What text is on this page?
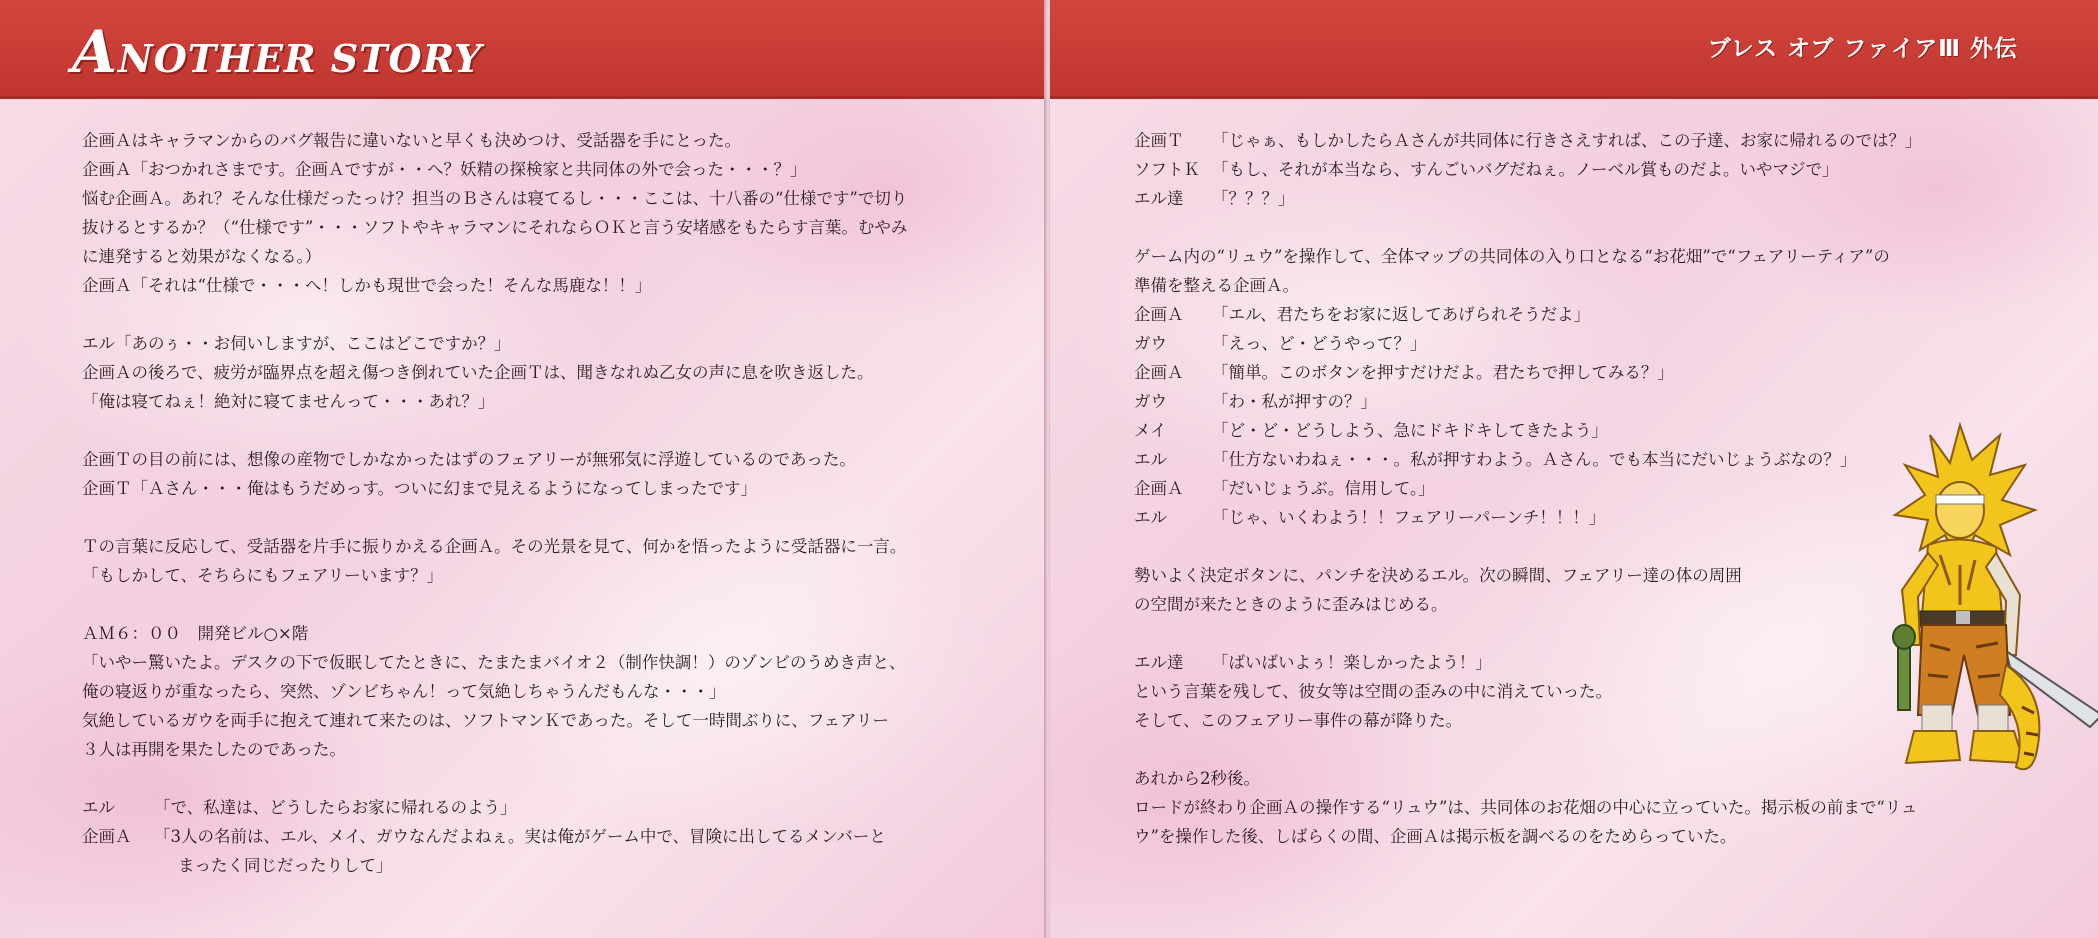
ANOTHER STORY
企画Ａはキャラマンからのバグ報告に違いないと早くも決めつけ、受話器を手にとった。
企画Ａ「おつかれさまです。企画Ａですが・・へ？妖精の探検家と共同体の外で会った・・・？」
悩む企画Ａ。あれ？そんな仕様だったっけ？担当のＢさんは寝てるし・・・ここは、十八番の“仕様です”で切り
抜けるとするか？（“仕様です”・・・ソフトやキャラマンにそれならＯＫと言う安堵感をもたらす言葉。むやみ
に連発すると効果がなくなる。）
企画Ａ「それは“仕様で・・・へ！しかも現世で会った！そんな馬鹿な！！」
エル「あのぅ・・お伺いしますが、ここはどこですか？」
企画Ａの後ろで、疲労が臨界点を超え傷つき倒れていた企画Ｔは、聞きなれぬ乙女の声に息を吹き返した。
「俺は寝てねぇ！絶対に寝てませんって・・・あれ？」
企画Ｔの目の前には、想像の産物でしかなかったはずのフェアリーが無邪気に浮遊しているのであった。
企画Ｔ「Ａさん・・・俺はもうだめっす。ついに幻まで見えるようになってしまったです」
Ｔの言葉に反応して、受話器を片手に振りかえる企画Ａ。その光景を見て、何かを悟ったように受話器に一言。
「もしかして、そちらにもフェアリーいます？」
ＡＭ６：００　開発ビル○×階
「いやー驚いたよ。デスクの下で仮眠してたときに、たまたまバイオ２（制作快調！）のゾンビのうめき声と、
俺の寝返りが重なったら、突然、ゾンビちゃん！って気絶しちゃうんだもんな・・・」
気絶しているガウを両手に抱えて連れて来たのは、ソフトマンＫであった。そして一時間ぶりに、フェアリー
３人は再開を果たしたのであった。
エル	「で、私達は、どうしたらお家に帰れるのよう」
企画Ａ	「3人の名前は、エル、メイ、ガウなんだよねぇ。実は俺がゲーム中で、冒険に出してるメンバーと
まったく同じだったりして」
ブレス オブ ファイアⅢ 外伝
企画Ｔ	「じゃぁ、もしかしたらＡさんが共同体に行きさえすれば、この子達、お家に帰れるのでは？」
ソフトＫ 「もし、それが本当なら、すんごいバグだねぇ。ノーベル賞ものだよ。いやマジで」
エル達	「？？？」
ゲーム内の“リュウ”を操作して、全体マップの共同体の入り口となる“お花畑”で“フェアリーティア”の
準備を整える企画Ａ。
企画Ａ	「エル、君たちをお家に返してあげられそうだよ」
ガウ	「えっ、ど・どうやって？」
企画Ａ	「簡単。このボタンを押すだけだよ。君たちで押してみる？」
ガウ	「わ・私が押すの？」
メイ	「ど・ど・どうしよう、急にドキドキしてきたよう」
エル	「仕方ないわねぇ・・・。私が押すわよう。Ａさん。でも本当にだいじょうぶなの？」
企画Ａ	「だいじょうぶ。信用して。」
エル	「じゃ、いくわよう！！フェアリーパーンチ！！！」
勢いよく決定ボタンに、パンチを決めるエル。次の瞬間、フェアリー達の体の周囲
の空間が来たときのように歪みはじめる。
エル達	「ばいばいよぅ！楽しかったよう！」
という言葉を残して、彼女等は空間の歪みの中に消えていった。
そして、このフェアリー事件の幕が降りた。
あれから2秒後。
ロードが終わり企画Ａの操作する“リュウ”は、共同体のお花畑の中心に立っていた。掲示板の前まで“リュ
ウ”を操作した後、しばらくの間、企画Ａは掲示板を調べるのをためらっていた。
